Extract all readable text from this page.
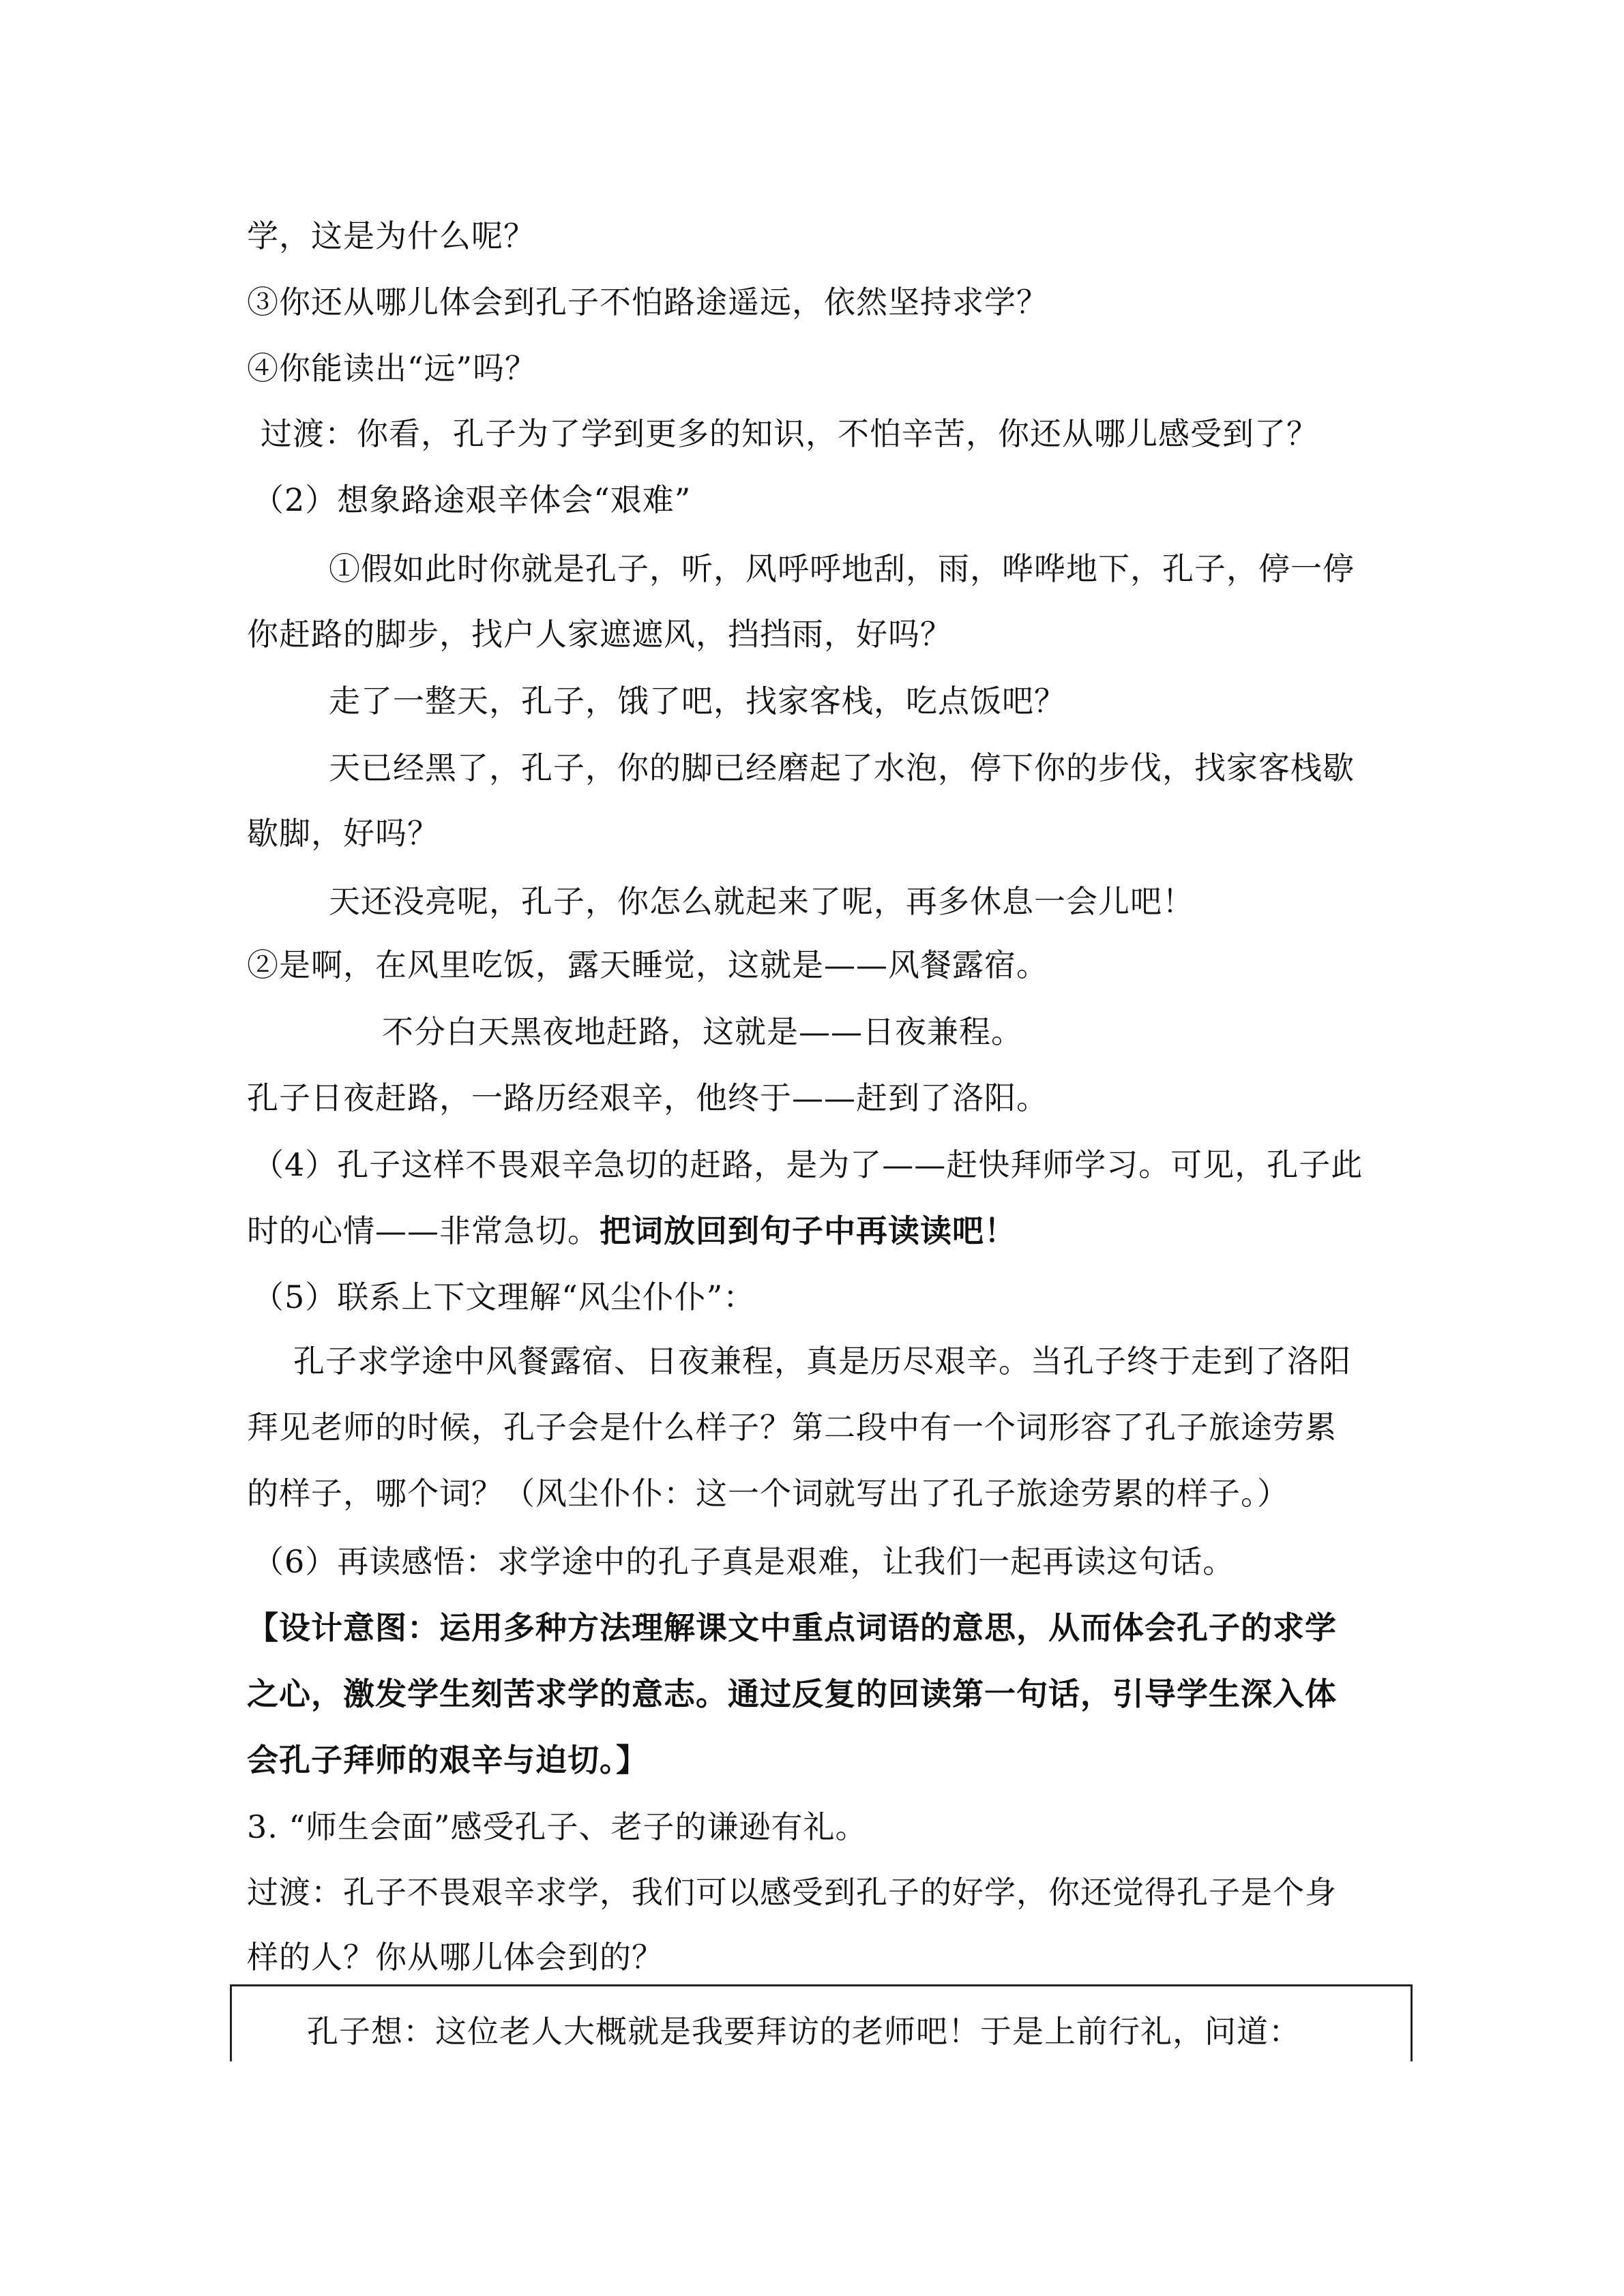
学，这是为什么呢？
③你还从哪儿体会到孔子不怕路途遥远，依然坚持求学？
④你能读出“远”吗？
过渡：你看，孔子为了学到更多的知识，不怕辛苦，你还从哪儿感受到了？
（2）想象路途艰辛体会“艰难”
①假如此时你就是孔子，听，风呼呼地刮，雨，哗哗地下，孔子，停一停
你赶路的脚步，找户人家遮遮风，挡挡雨，好吗？
走了一整天，孔子，饿了吧，找家客栈，吃点饭吧？
天已经黑了，孔子，你的脚已经磨起了水泡，停下你的步伐，找家客栈歇
歇脚，好吗？
天还没亮呢，孔子，你怎么就起来了呢，再多休息一会儿吧！
②是啊，在风里吃饭，露天睡觉，这就是——风餐露宿。
不分白天黑夜地赶路，这就是——日夜兼程。
孔子日夜赶路，一路历经艰辛，他终于——赶到了洛阳。
（4）孔子这样不畏艰辛急切的赶路，是为了——赶快拜师学习。可见，孔子此
时的心情——非常急切。把词放回到句子中再读读吧！
（5）联系上下文理解“风尘仆仆”：
孔子求学途中风餐露宿、日夜兼程，真是历尽艰辛。当孔子终于走到了洛阳
拜见老师的时候，孔子会是什么样子？第二段中有一个词形容了孔子旅途劳累
的样子，哪个词？（风尘仆仆：这一个词就写出了孔子旅途劳累的样子。）
（6）再读感悟：求学途中的孔子真是艰难，让我们一起再读这句话。
【设计意图：运用多种方法理解课文中重点词语的意思，从而体会孔子的求学
之心，激发学生刻苦求学的意志。通过反复的回读第一句话，引导学生深入体
会孔子拜师的艰辛与迫切。】
3. “师生会面”感受孔子、老子的谦逊有礼。
过渡：孔子不畏艰辛求学，我们可以感受到孔子的好学，你还觉得孔子是个身
样的人？你从哪儿体会到的？
孔子想：这位老人大概就是我要拜访的老师吧！于是上前行礼，问道：
